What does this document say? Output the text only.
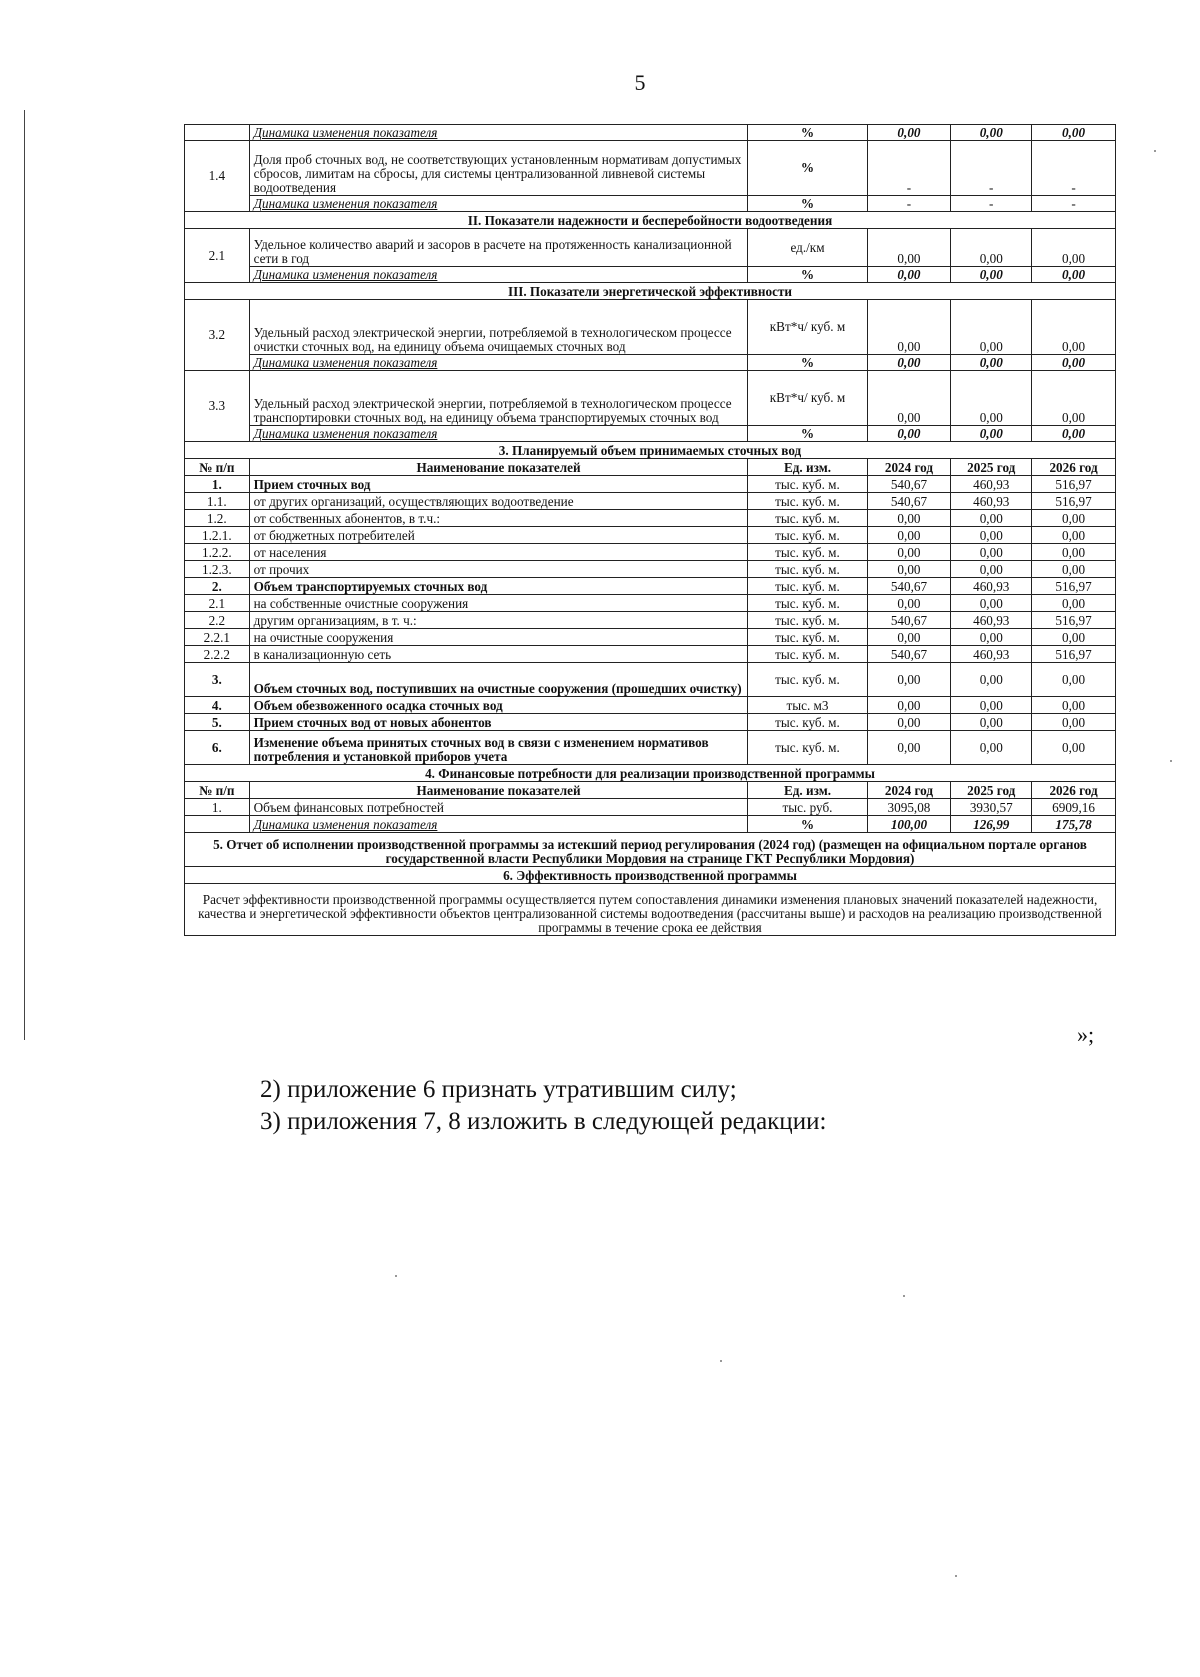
5
	Динамика изменения показателя	%	0,00	0,00	0,00
1.4	Доля проб сточных вод, не соответствующих установленным нормативам допустимых сбросов, лимитам на сбросы, для системы централизованной ливневой системы водоотведения	%	-	-	-
	Динамика изменения показателя	%	-	-	-
II. Показатели надежности и бесперебойности водоотведения					
2.1	Удельное количество аварий и засоров в расчете на протяженность канализационной сети в год	ед./км	0,00	0,00	0,00
	Динамика изменения показателя	%	0,00	0,00	0,00
III. Показатели энергетической эффективности					
3.2	Удельный расход электрической энергии, потребляемой в технологическом процессе очистки сточных вод, на единицу объема очищаемых сточных вод	кВт*ч/ куб. м	0,00	0,00	0,00
	Динамика изменения показателя	%	0,00	0,00	0,00
3.3	Удельный расход электрической энергии, потребляемой в технологическом процессе транспортировки сточных вод, на единицу объема транспортируемых сточных вод	кВт*ч/ куб. м	0,00	0,00	0,00
	Динамика изменения показателя	%	0,00	0,00	0,00
3. Планируемый объем принимаемых сточных вод					
№ п/п	Наименование показателей	Ед. изм.	2024 год	2025 год	2026 год
1.	Прием сточных вод	тыс. куб. м.	540,67	460,93	516,97
1.1.	от других организаций, осуществляющих водоотведение	тыс. куб. м.	540,67	460,93	516,97
1.2.	от собственных абонентов, в т.ч.:	тыс. куб. м.	0,00	0,00	0,00
1.2.1.	от бюджетных потребителей	тыс. куб. м.	0,00	0,00	0,00
1.2.2.	от населения	тыс. куб. м.	0,00	0,00	0,00
1.2.3.	от прочих	тыс. куб. м.	0,00	0,00	0,00
2.	Объем транспортируемых сточных вод	тыс. куб. м.	540,67	460,93	516,97
2.1	на собственные очистные сооружения	тыс. куб. м.	0,00	0,00	0,00
2.2	другим организациям, в т. ч.:	тыс. куб. м.	540,67	460,93	516,97
2.2.1	на очистные сооружения	тыс. куб. м.	0,00	0,00	0,00
2.2.2	в канализационную сеть	тыс. куб. м.	540,67	460,93	516,97
3.	Объем сточных вод, поступивших на очистные сооружения (прошедших очистку)	тыс. куб. м.	0,00	0,00	0,00
4.	Объем обезвоженного осадка сточных вод	тыс. м3	0,00	0,00	0,00
5.	Прием сточных вод от новых абонентов	тыс. куб. м.	0,00	0,00	0,00
6.	Изменение объема принятых сточных вод в связи с изменением нормативов потребления и установкой приборов учета	тыс. куб. м.	0,00	0,00	0,00
4. Финансовые потребности для реализации производственной программы					
№ п/п	Наименование показателей	Ед. изм.	2024 год	2025 год	2026 год
1.	Объем финансовых потребностей	тыс. руб.	3095,08	3930,57	6909,16
	Динамика изменения показателя	%	100,00	126,99	175,78
5. Отчет об исполнении производственной программы за истекший период регулирования (2024 год) (размещен на официальном портале органов государственной власти Республики Мордовия на странице ГКТ Республики Мордовия)					
6. Эффективность производственной программы					
Расчет эффективности производственной программы осуществляется путем сопоставления динамики изменения плановых значений показателей надежности, качества и энергетической эффективности объектов централизованной системы водоотведения (рассчитаны выше) и расходов на реализацию производственной программы в течение срока ее действия					
»;
2) приложение 6 признать утратившим силу;
3) приложения 7, 8 изложить в следующей редакции:
